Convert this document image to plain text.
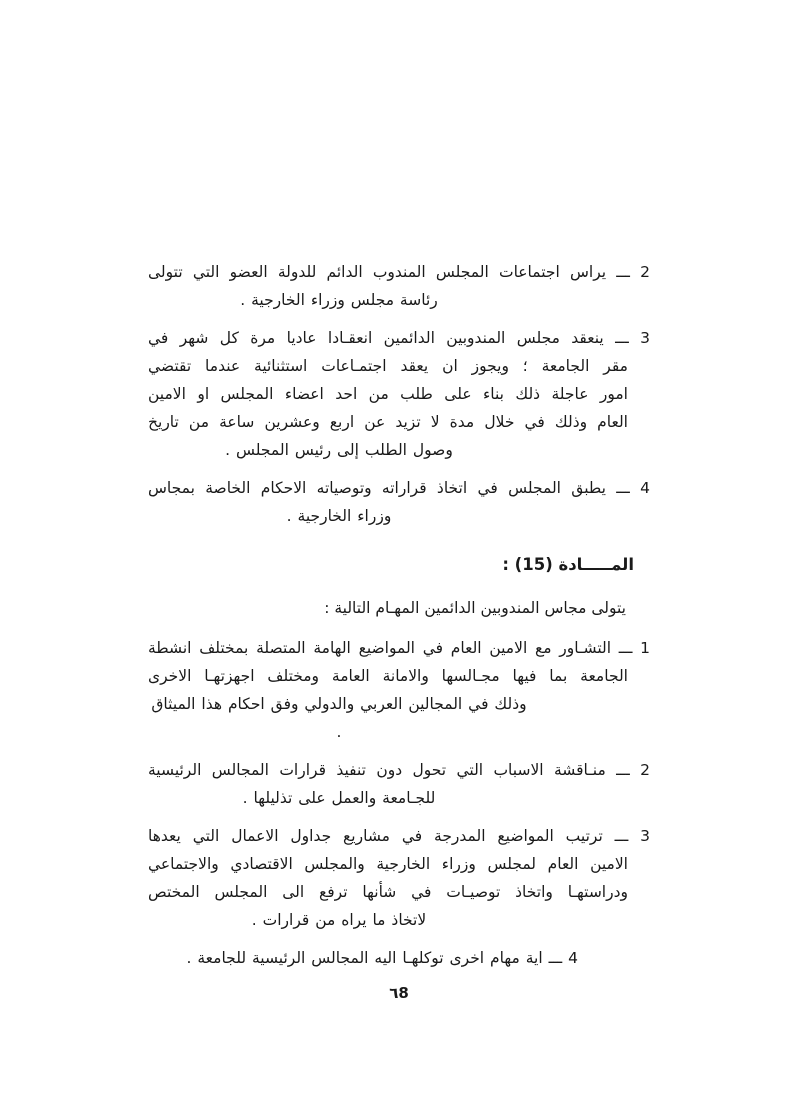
2 ـــ يراس اجتماعات المجلس المندوب الدائم للدولة العضو التي تتولى
رئاسة مجلس وزراء الخارجية .
3 ـــ ينعقد مجلس المندوبين الدائمين انعقـادا عاديا مرة كل شهر في
مقر الجامعة ؛ ويجوز ان يعقد اجتمـاعات استثنائية عندما تقتضي
امور عاجلة ذلك بناء على طلب من احد اعضاء المجلس او الامين
العام وذلك في خلال مدة لا تزيد عن اربع وعشرين ساعة من تاريخ
وصول الطلب إلى رئيس المجلس .
4 ـــ يطبق المجلس في اتخاذ قراراته وتوصياته الاحكام الخاصة بمجاس
وزراء الخارجية .
المـــــادة (15) :
يتولى مجاس المندوبين الدائمين المهـام التالية :
1 ـــ التشـاور مع الامين العام في المواضيع الهامة المتصلة بمختلف انشطة
الجامعة بما فيها مجـالسها والامانة العامة ومختلف اجهزتهـا الاخرى
وذلك في المجالين العربي والدولي وفق احكام هذا الميثاق .
2 ـــ منـاقشة الاسباب التي تحول دون تنفيذ قرارات المجالس الرئيسية
للجـامعة والعمل على تذليلها .
3 ـــ ترتيب المواضيع المدرجة في مشاريع جداول الاعمال التي يعدها
الامين العام لمجلس وزراء الخارجية والمجلس الاقتصادي والاجتماعي
ودراستهـا واتخاذ توصيـات في شأنها ترفع الى المجلس المختص
لاتخاذ ما يراه من قرارات .
4 ـــ اية مهام اخرى توكلهـا اليه المجالس الرئيسية للجامعة .
٦8
